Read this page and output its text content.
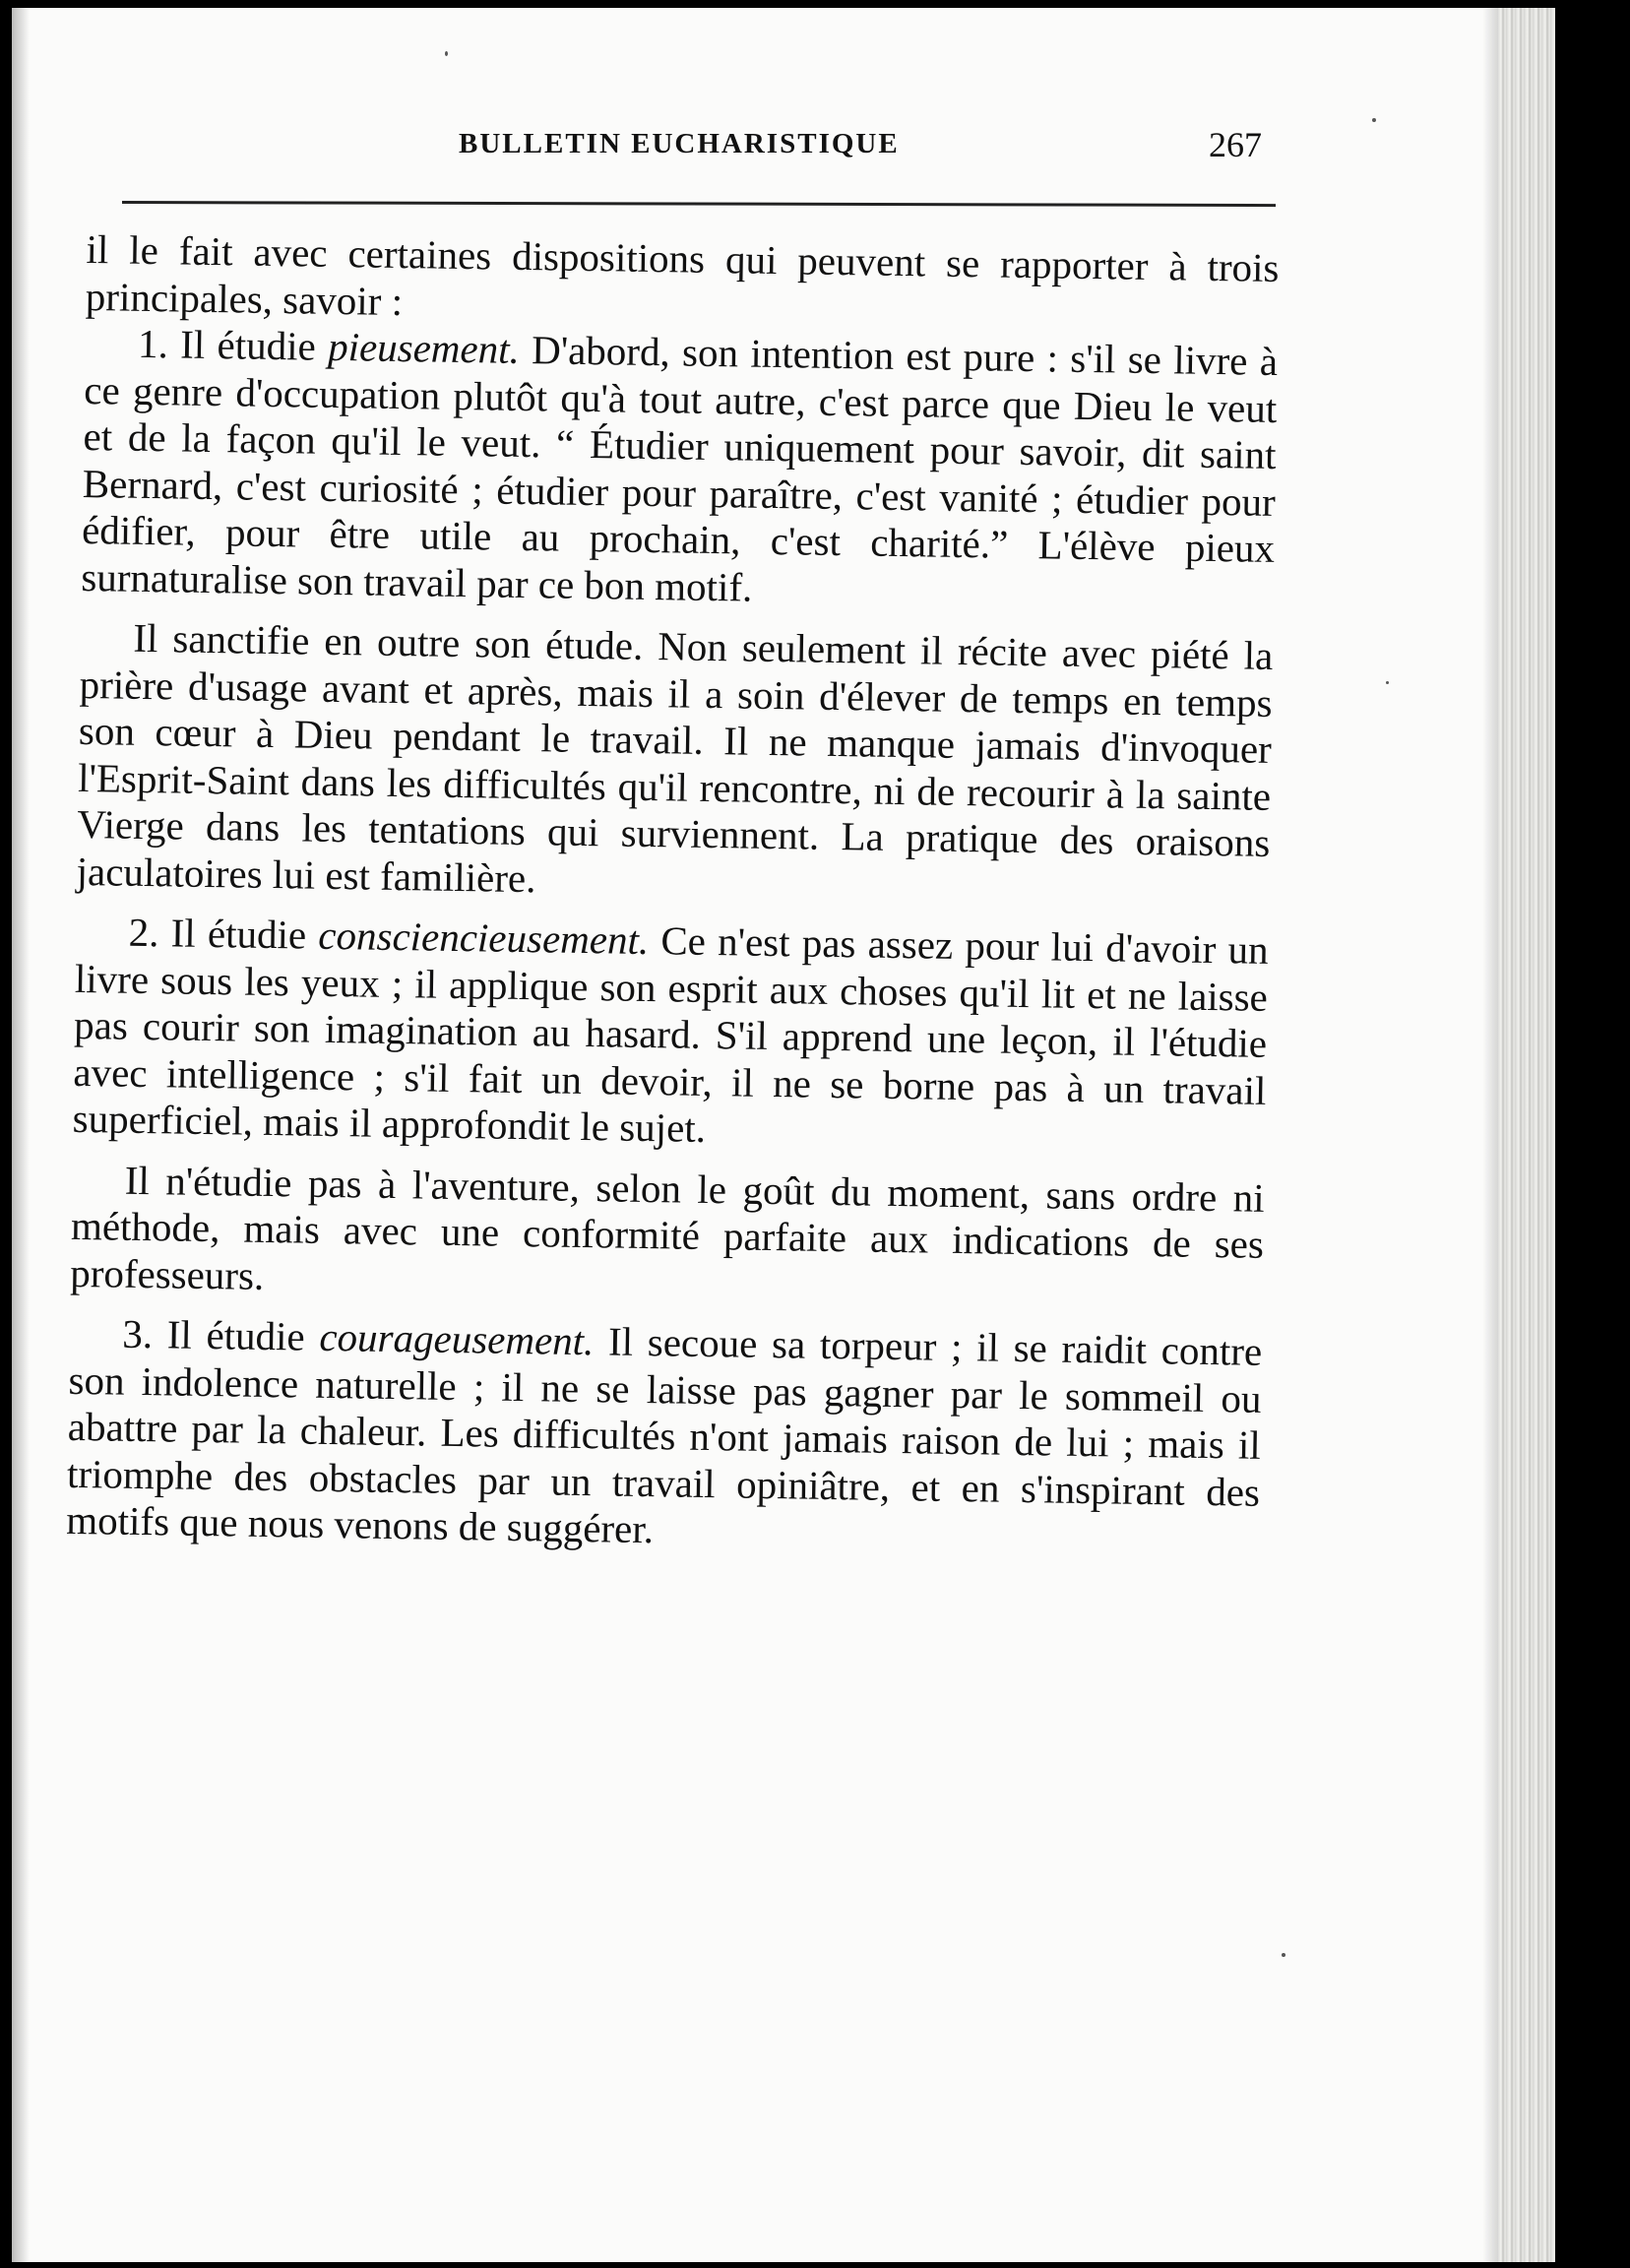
BULLETIN EUCHARISTIQUE	267

il le fait avec certaines dispositions qui peuvent se rapporter à trois principales, savoir :

1. Il étudie pieusement. D'abord, son intention est pure : s'il se livre à ce genre d'occupation plutôt qu'à tout autre, c'est parce que Dieu le veut et de la façon qu'il le veut. “ Étudier uniquement pour savoir, dit saint Bernard, c'est curiosité ; étudier pour paraître, c'est vanité ; étudier pour édifier, pour être utile au prochain, c'est charité.” L'élève pieux surnaturalise son travail par ce bon motif.

Il sanctifie en outre son étude. Non seulement il récite avec piété la prière d'usage avant et après, mais il a soin d'élever de temps en temps son cœur à Dieu pendant le travail. Il ne manque jamais d'invoquer l'Esprit-Saint dans les difficultés qu'il rencontre, ni de recourir à la sainte Vierge dans les tentations qui surviennent. La pratique des oraisons jaculatoires lui est familière.

2. Il étudie consciencieusement. Ce n'est pas assez pour lui d'avoir un livre sous les yeux ; il applique son esprit aux choses qu'il lit et ne laisse pas courir son imagination au hasard. S'il apprend une leçon, il l'étudie avec intelligence ; s'il fait un devoir, il ne se borne pas à un travail superficiel, mais il approfondit le sujet.

Il n'étudie pas à l'aventure, selon le goût du moment, sans ordre ni méthode, mais avec une conformité parfaite aux indications de ses professeurs.

3. Il étudie courageusement. Il secoue sa torpeur ; il se raidit contre son indolence naturelle ; il ne se laisse pas gagner par le sommeil ou abattre par la chaleur. Les difficultés n'ont jamais raison de lui ; mais il triomphe des obstacles par un travail opiniâtre, et en s'inspirant des motifs que nous venons de suggérer.
